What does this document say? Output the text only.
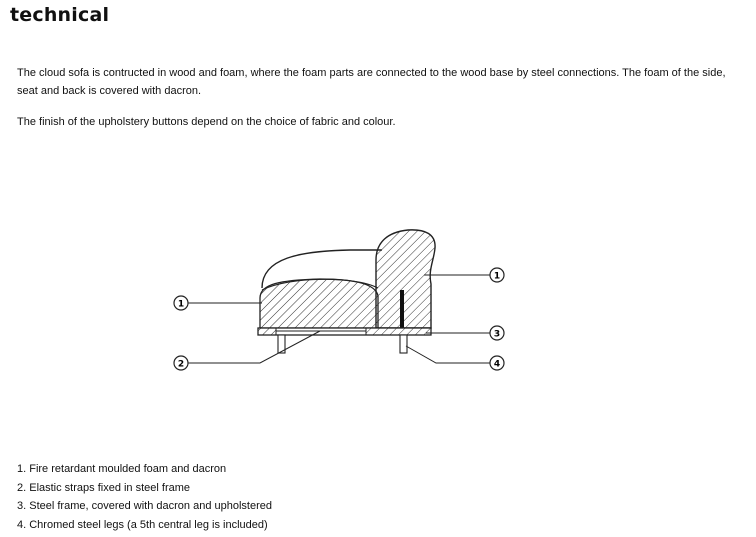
technical
The cloud sofa is contructed in wood and foam, where the foam parts are connected to the wood base by steel connections. The foam of the side, seat and back is covered with dacron.
The finish of the upholstery buttons depend on the choice of fabric and colour.
1
1
2
3
4
1. Fire retardant moulded foam and dacron
2. Elastic straps fixed in steel frame
3. Steel frame, covered with dacron and upholstered
4. Chromed steel legs (a 5th central leg is included)
